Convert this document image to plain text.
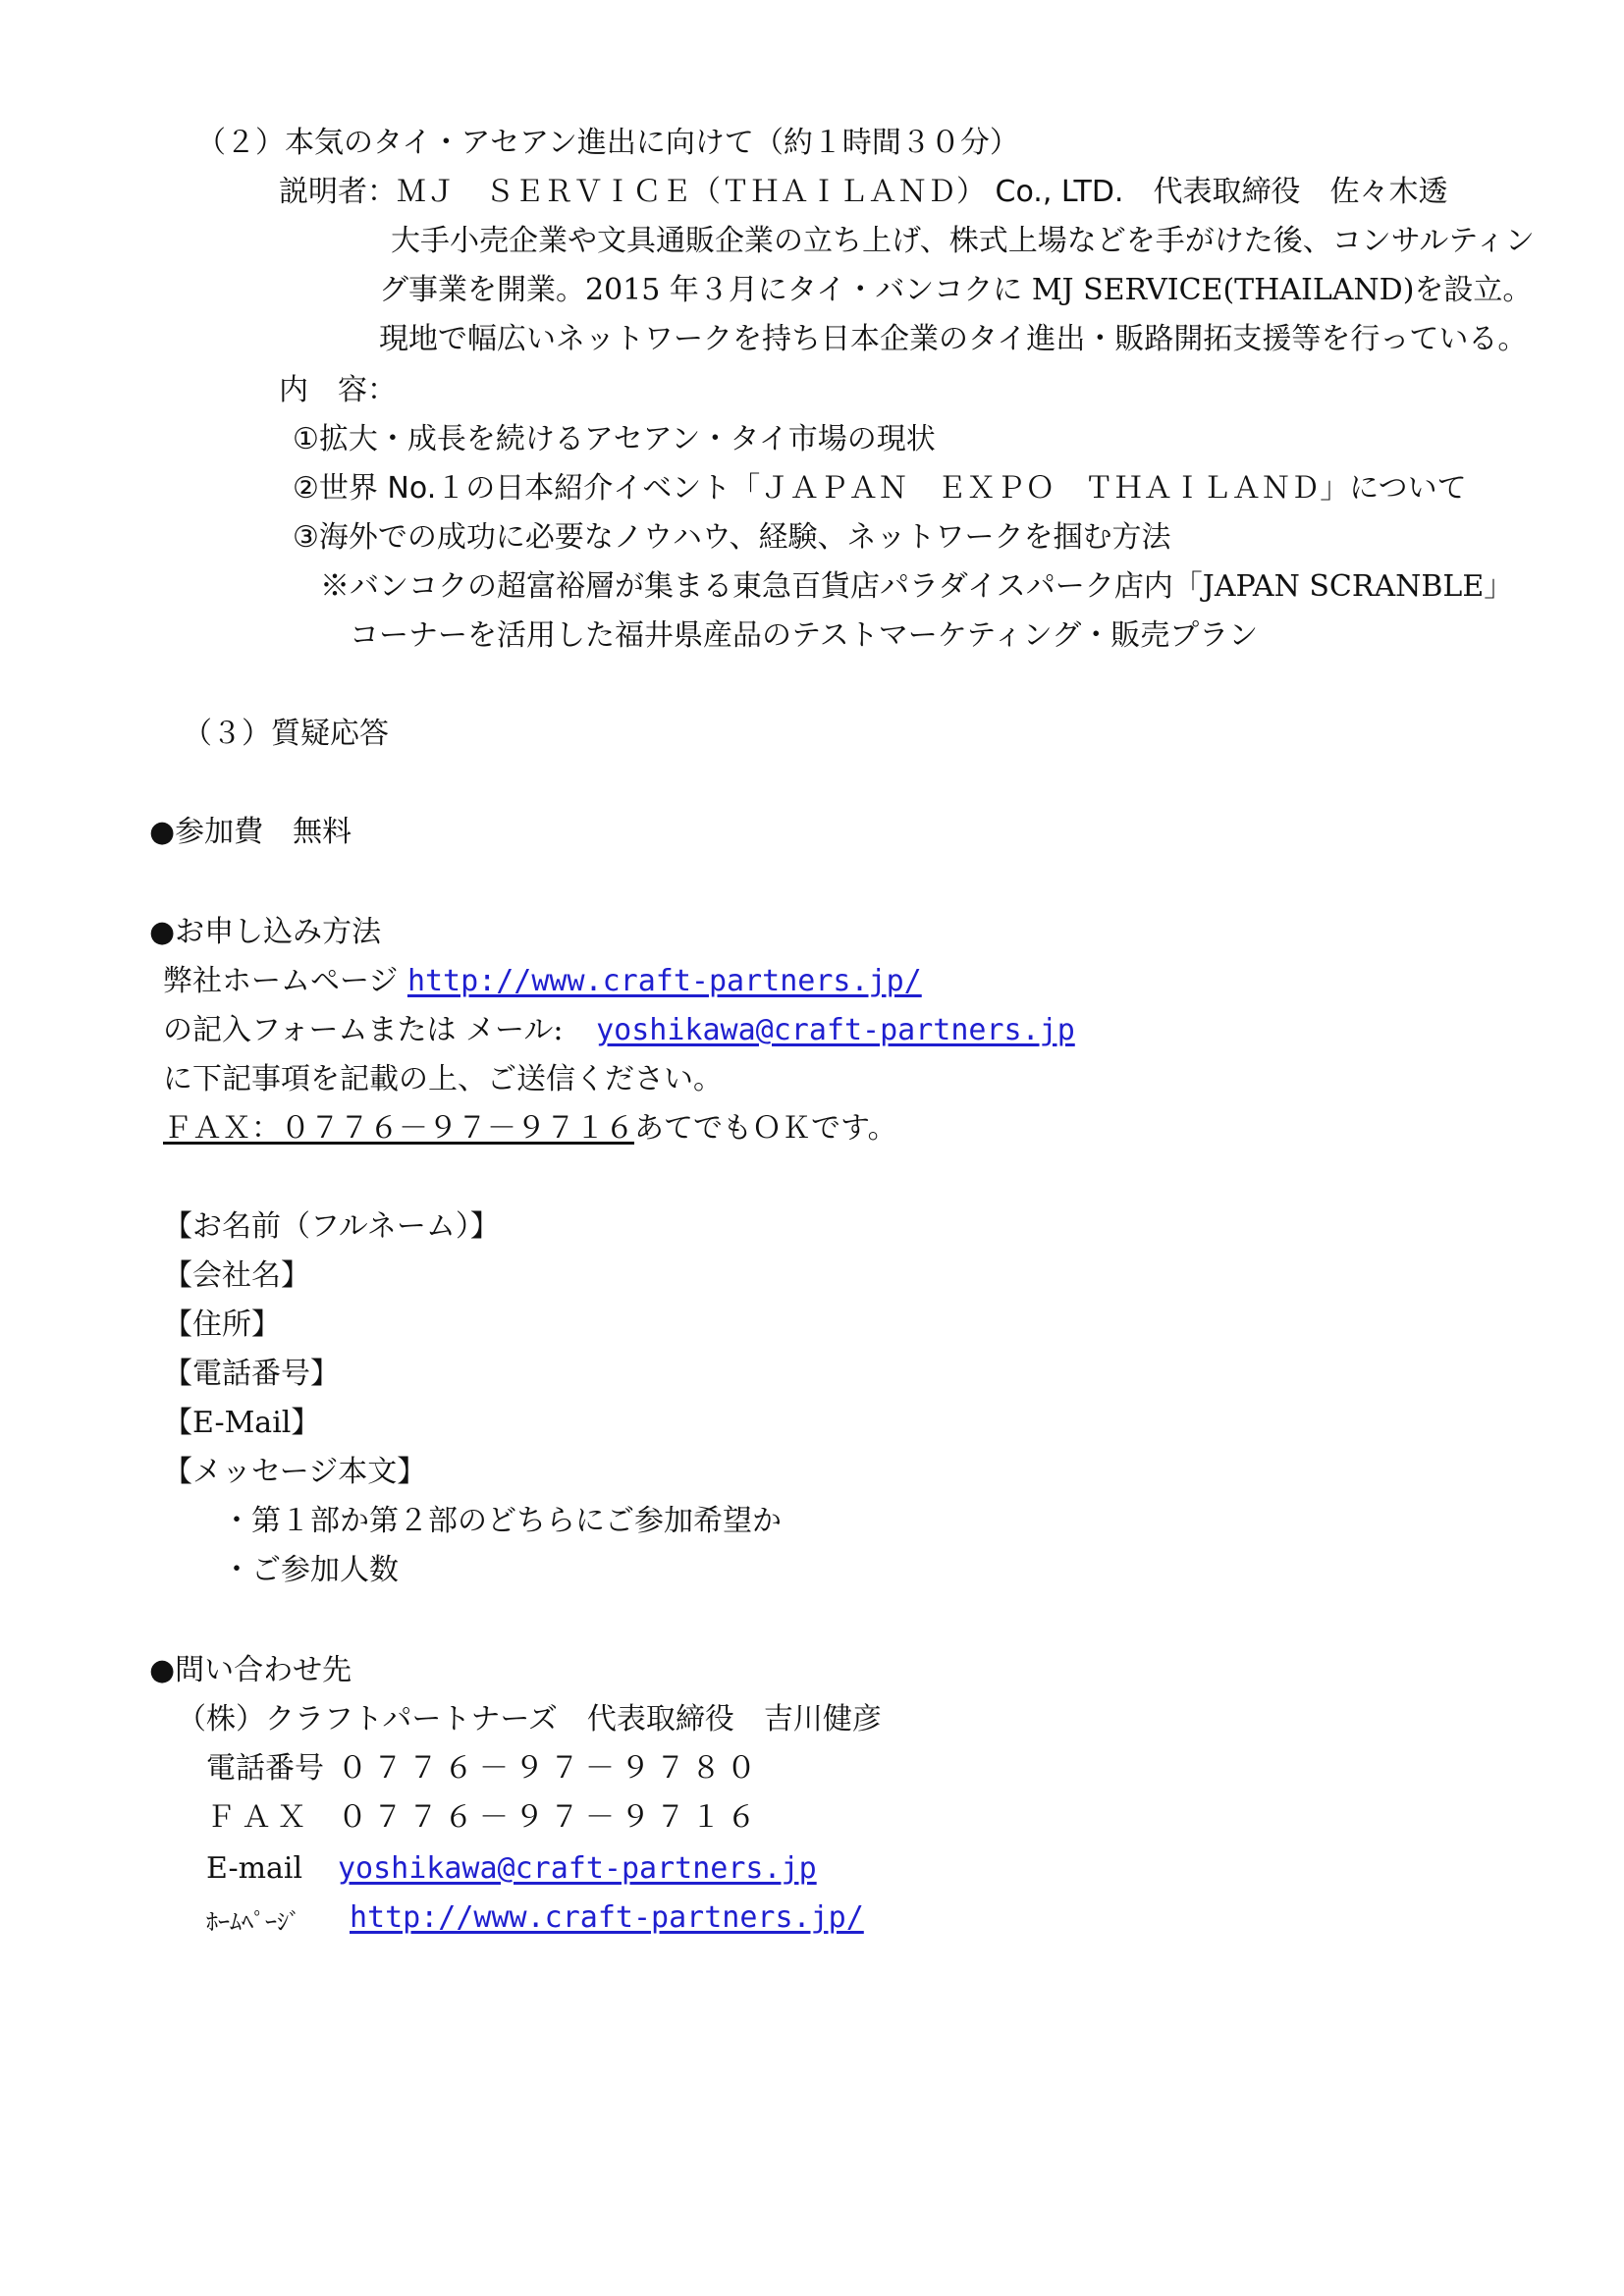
（２）本気のタイ・アセアン進出に向けて（約１時間３０分）
説明者：ＭＪ　ＳＥＲＶＩＣＥ（ＴＨＡＩＬＡＮＤ） Co., LTD.　代表取締役　佐々木透
大手小売企業や文具通販企業の立ち上げ、株式上場などを手がけた後、コンサルティン
グ事業を開業。2015 年３月にタイ・バンコクに MJ SERVICE(THAILAND)を設立。
現地で幅広いネットワークを持ち日本企業のタイ進出・販路開拓支援等を行っている。
内　容：
①拡大・成長を続けるアセアン・タイ市場の現状
②世界 No.１の日本紹介イベント「ＪＡＰＡＮ　ＥＸＰＯ　ＴＨＡＩＬＡＮＤ」について
③海外での成功に必要なノウハウ、経験、ネットワークを掴む方法
※バンコクの超富裕層が集まる東急百貨店パラダイスパーク店内「JAPAN SCRANBLE」
コーナーを活用した福井県産品のテストマーケティング・販売プラン
（３）質疑応答
●参加費　無料
●お申し込み方法
弊社ホームページ http://www.craft-partners.jp/
の記入フォームまたは メール: yoshikawa@craft-partners.jp
に下記事項を記載の上、ご送信ください。
ＦＡＸ：０７７６－９７－９７１６あてでもＯＫです。
【お名前（フルネーム）】
【会社名】
【住所】
【電話番号】
【E-Mail】
【メッセージ本文】
・第１部か第２部のどちらにご参加希望か
・ご参加人数
●問い合わせ先
（株）クラフトパートナーズ　代表取締役　吉川健彦
電話番号 ０７７６－９７－９７８０
ＦＡＸ ０７７６－９７－９７１６
E-mail yoshikawa@craft-partners.jp
ﾎｰﾑﾍﾟｰｼﾞ http://www.craft-partners.jp/
